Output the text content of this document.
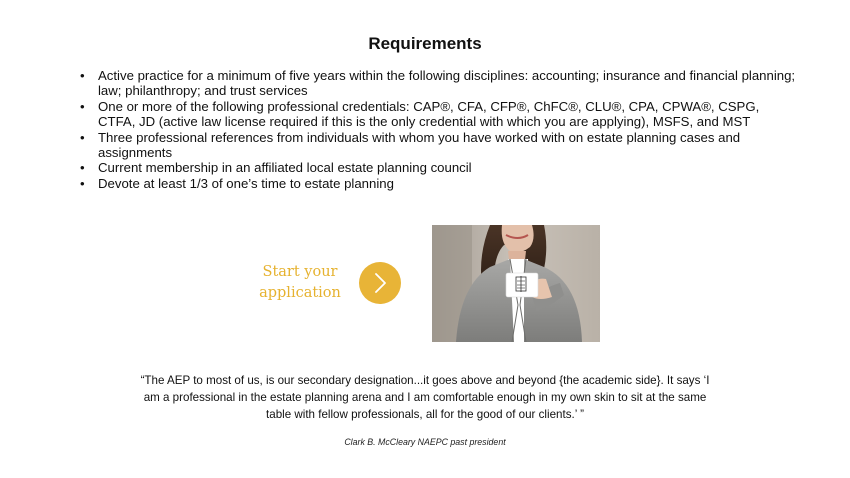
Requirements
• Active practice for a minimum of five years within the following disciplines: accounting; insurance and financial planning; law; philanthropy; and trust services
• One or more of the following professional credentials: CAP®, CFA, CFP®, ChFC®, CLU®, CPA, CPWA®, CSPG, CTFA, JD (active law license required if this is the only credential with which you are applying), MSFS, and MST
• Three professional references from individuals with whom you have worked with on estate planning cases and assignments
• Current membership in an affiliated local estate planning council
• Devote at least 1/3 of one’s time to estate planning
Start your
application
“The AEP to most of us, is our secondary designation...it goes above and beyond {the academic side}. It says ‘I am a professional in the estate planning arena and I am comfortable enough in my own skin to sit at the same table with fellow professionals, all for the good of our clients.’ ”
Clark B. McCleary NAEPC past president
